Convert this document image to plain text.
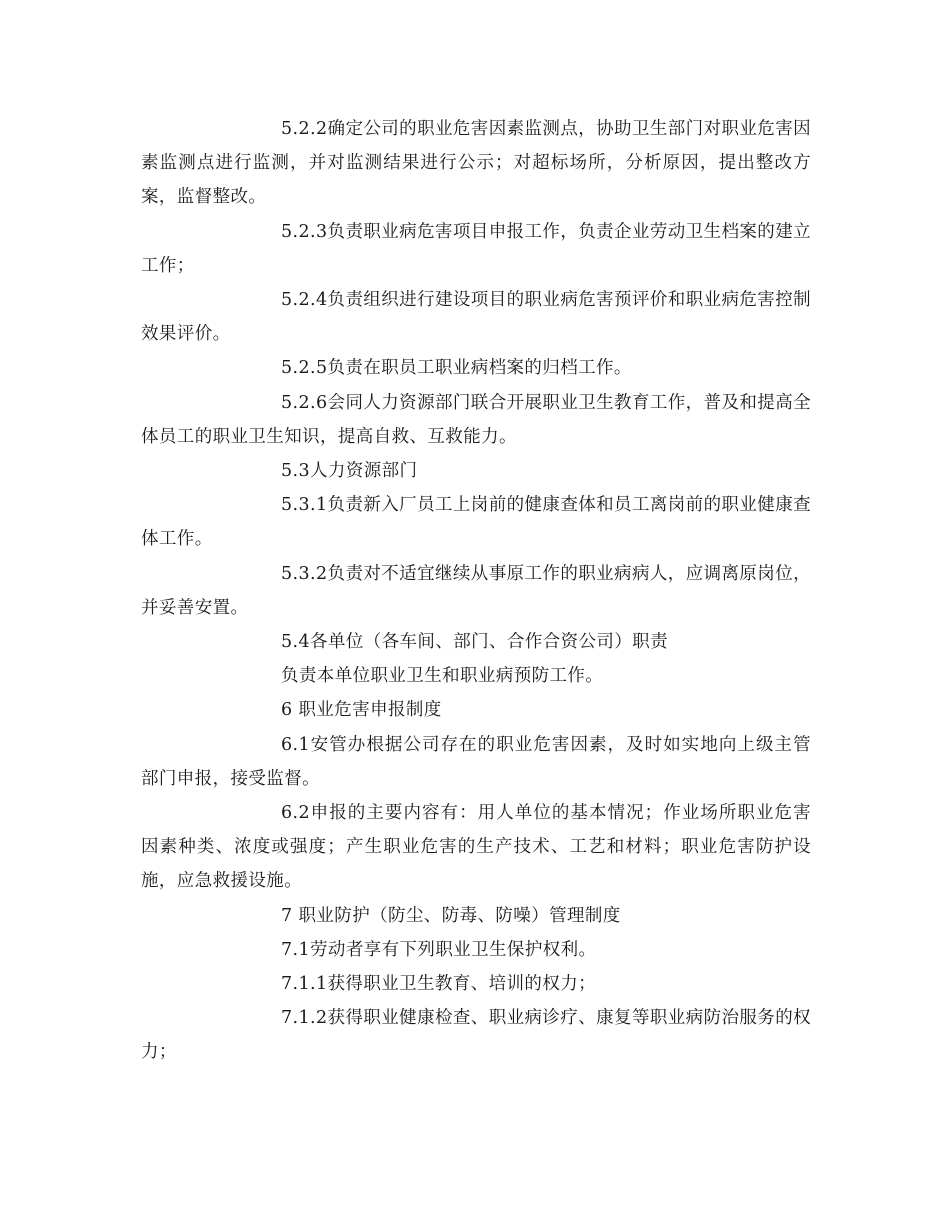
5.2.2确定公司的职业危害因素监测点，协助卫生部门对职业危害因素监测点进行监测，并对监测结果进行公示；对超标场所，分析原因，提出整改方案，监督整改。

5.2.3负责职业病危害项目申报工作，负责企业劳动卫生档案的建立工作；

5.2.4负责组织进行建设项目的职业病危害预评价和职业病危害控制效果评价。

5.2.5负责在职员工职业病档案的归档工作。

5.2.6会同人力资源部门联合开展职业卫生教育工作，普及和提高全体员工的职业卫生知识，提高自救、互救能力。

5.3人力资源部门

5.3.1负责新入厂员工上岗前的健康查体和员工离岗前的职业健康查体工作。

5.3.2负责对不适宜继续从事原工作的职业病病人，应调离原岗位，并妥善安置。

5.4各单位（各车间、部门、合作合资公司）职责

负责本单位职业卫生和职业病预防工作。

6 职业危害申报制度

6.1安管办根据公司存在的职业危害因素，及时如实地向上级主管部门申报，接受监督。

6.2申报的主要内容有：用人单位的基本情况；作业场所职业危害因素种类、浓度或强度；产生职业危害的生产技术、工艺和材料；职业危害防护设施，应急救援设施。

7 职业防护（防尘、防毒、防噪）管理制度

7.1劳动者享有下列职业卫生保护权利。

7.1.1获得职业卫生教育、培训的权力；

7.1.2获得职业健康检查、职业病诊疗、康复等职业病防治服务的权力；
